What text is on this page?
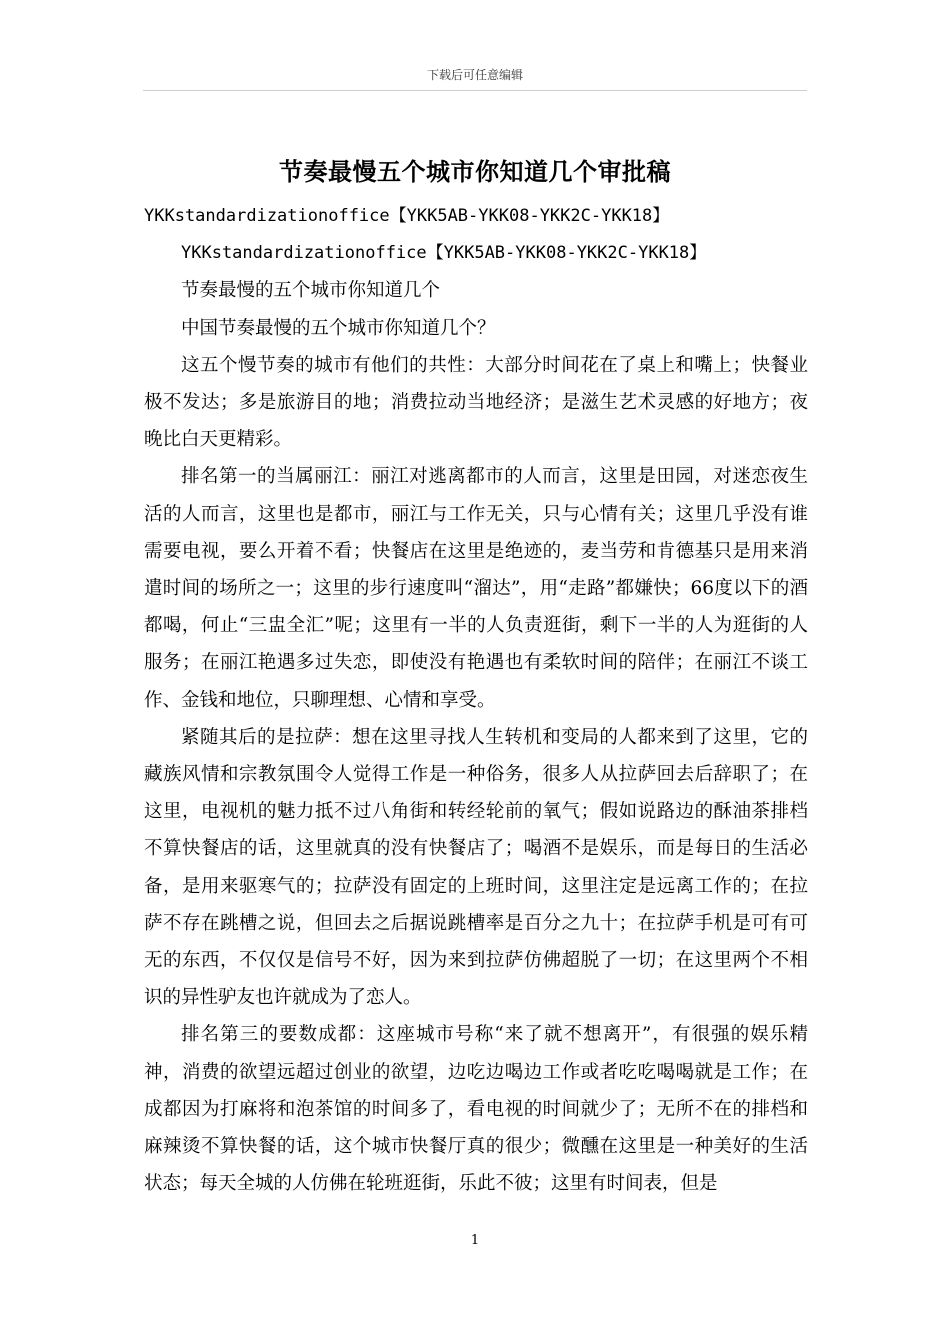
下载后可任意编辑
节奏最慢五个城市你知道几个审批稿

YKKstandardizationoffice【YKK5AB-YKK08-YKK2C-YKK18】

YKKstandardizationoffice【YKK5AB-YKK08-YKK2C-YKK18】

节奏最慢的五个城市你知道几个

中国节奏最慢的五个城市你知道几个？

这五个慢节奏的城市有他们的共性：大部分时间花在了桌上和嘴上；快餐业极不发达；多是旅游目的地；消费拉动当地经济；是滋生艺术灵感的好地方；夜晚比白天更精彩。

排名第一的当属丽江：丽江对逃离都市的人而言，这里是田园，对迷恋夜生活的人而言，这里也是都市，丽江与工作无关，只与心情有关；这里几乎没有谁需要电视，要么开着不看；快餐店在这里是绝迹的，麦当劳和肯德基只是用来消遣时间的场所之一；这里的步行速度叫“溜达”，用“走路”都嫌快；66度以下的酒都喝，何止“三盅全汇”呢；这里有一半的人负责逛街，剩下一半的人为逛街的人服务；在丽江艳遇多过失恋，即使没有艳遇也有柔软时间的陪伴；在丽江不谈工作、金钱和地位，只聊理想、心情和享受。

紧随其后的是拉萨：想在这里寻找人生转机和变局的人都来到了这里，它的藏族风情和宗教氛围令人觉得工作是一种俗务，很多人从拉萨回去后辞职了；在这里，电视机的魅力抵不过八角街和转经轮前的氧气；假如说路边的酥油茶排档不算快餐店的话，这里就真的没有快餐店了；喝酒不是娱乐，而是每日的生活必备，是用来驱寒气的；拉萨没有固定的上班时间，这里注定是远离工作的；在拉萨不存在跳槽之说，但回去之后据说跳槽率是百分之九十；在拉萨手机是可有可无的东西，不仅仅是信号不好，因为来到拉萨仿佛超脱了一切；在这里两个不相识的异性驴友也许就成为了恋人。

排名第三的要数成都：这座城市号称“来了就不想离开”，有很强的娱乐精神，消费的欲望远超过创业的欲望，边吃边喝边工作或者吃吃喝喝就是工作；在成都因为打麻将和泡茶馆的时间多了，看电视的时间就少了；无所不在的排档和麻辣烫不算快餐的话，这个城市快餐厅真的很少；微醺在这里是一种美好的生活状态；每天全城的人仿佛在轮班逛街，乐此不彼；这里有时间表，但是

1
